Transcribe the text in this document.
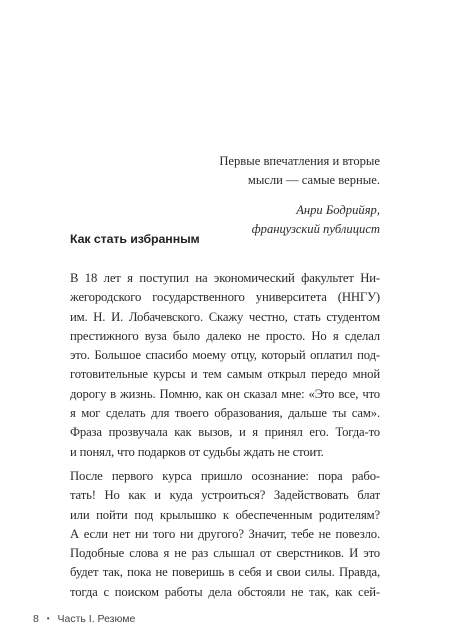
Первые впечатления и вторые
мысли — самые верные.
Анри Бодрийяр,
французский публицист
Как стать избранным
В 18 лет я поступил на экономический факультет Ни-
жегородского государственного университета (ННГУ)
им. Н. И. Лобачевского. Скажу честно, стать студентом
престижного вуза было далеко не просто. Но я сделал
это. Большое спасибо моему отцу, который оплатил под-
готовительные курсы и тем самым открыл передо мной
дорогу в жизнь. Помню, как он сказал мне: «Это все, что
я мог сделать для твоего образования, дальше ты сам».
Фраза прозвучала как вызов, и я принял его. Тогда-то
и понял, что подарков от судьбы ждать не стоит.
После первого курса пришло осознание: пора рабо-
тать! Но как и куда устроиться? Задействовать блат
или пойти под крылышко к обеспеченным родителям?
А если нет ни того ни другого? Значит, тебе не повезло.
Подобные слова я не раз слышал от сверстников. И это
будет так, пока не поверишь в себя и свои силы. Правда,
тогда с поиском работы дела обстояли не так, как сей-
8 • Часть I. Резюме
